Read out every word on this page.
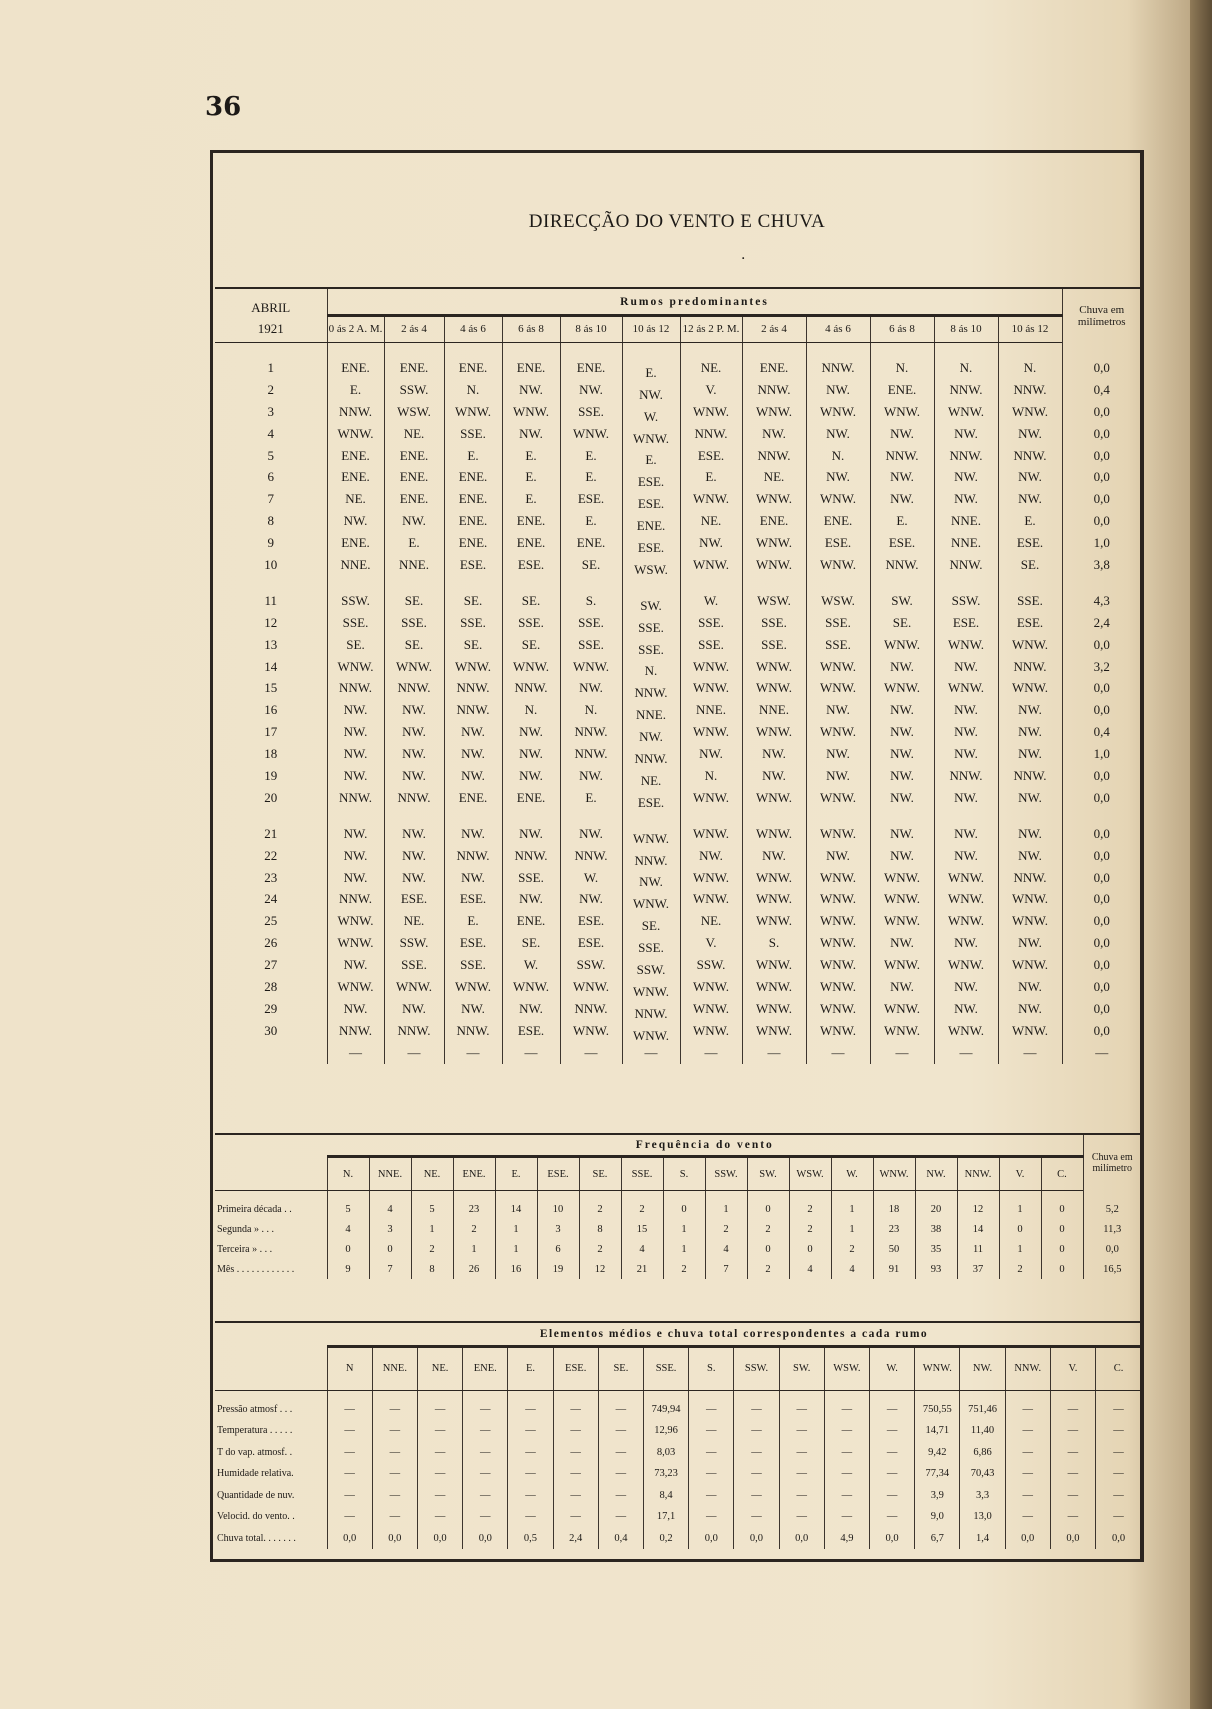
36
DIRECÇÃO DO VENTO E CHUVA
·
ABRIL	Rumos predominantes												Chuva em milímetros
1921	0 ás 2 A. M.	2 ás 4	4 ás 6	6 ás 8	8 ás 10	10 ás 12	12 ás 2 P. M.	2 ás 4	4 ás 6	6 ás 8	8 ás 10	10 ás 12	

1	ENE.	ENE.	ENE.	ENE.	ENE.	E.	NE.	ENE.	NNW.	N.	N.	N.	0,0
2	E.	SSW.	N.	NW.	NW.	NW.	V.	NNW.	NW.	ENE.	NNW.	NNW.	0,4
3	NNW.	WSW.	WNW.	WNW.	SSE.	W.	WNW.	WNW.	WNW.	WNW.	WNW.	WNW.	0,0
4	WNW.	NE.	SSE.	NW.	WNW.	WNW.	NNW.	NW.	NW.	NW.	NW.	NW.	0,0
5	ENE.	ENE.	E.	E.	E.	E.	ESE.	NNW.	N.	NNW.	NNW.	NNW.	0,0
6	ENE.	ENE.	ENE.	E.	E.	ESE.	E.	NE.	NW.	NW.	NW.	NW.	0,0
7	NE.	ENE.	ENE.	E.	ESE.	ESE.	WNW.	WNW.	WNW.	NW.	NW.	NW.	0,0
8	NW.	NW.	ENE.	ENE.	E.	ENE.	NE.	ENE.	ENE.	E.	NNE.	E.	0,0
9	ENE.	E.	ENE.	ENE.	ENE.	ESE.	NW.	WNW.	ESE.	ESE.	NNE.	ESE.	1,0
10	NNE.	NNE.	ESE.	ESE.	SE.	WSW.	WNW.	WNW.	WNW.	NNW.	NNW.	SE.	3,8

11	SSW.	SE.	SE.	SE.	S.	SW.	W.	WSW.	WSW.	SW.	SSW.	SSE.	4,3
12	SSE.	SSE.	SSE.	SSE.	SSE.	SSE.	SSE.	SSE.	SSE.	SE.	ESE.	ESE.	2,4
13	SE.	SE.	SE.	SE.	SSE.	SSE.	SSE.	SSE.	SSE.	WNW.	WNW.	WNW.	0,0
14	WNW.	WNW.	WNW.	WNW.	WNW.	N.	WNW.	WNW.	WNW.	NW.	NW.	NNW.	3,2
15	NNW.	NNW.	NNW.	NNW.	NW.	NNW.	WNW.	WNW.	WNW.	WNW.	WNW.	WNW.	0,0
16	NW.	NW.	NNW.	N.	N.	NNE.	NNE.	NNE.	NW.	NW.	NW.	NW.	0,0
17	NW.	NW.	NW.	NW.	NNW.	NW.	WNW.	WNW.	WNW.	NW.	NW.	NW.	0,4
18	NW.	NW.	NW.	NW.	NNW.	NNW.	NW.	NW.	NW.	NW.	NW.	NW.	1,0
19	NW.	NW.	NW.	NW.	NW.	NE.	N.	NW.	NW.	NW.	NNW.	NNW.	0,0
20	NNW.	NNW.	ENE.	ENE.	E.	ESE.	WNW.	WNW.	WNW.	NW.	NW.	NW.	0,0

21	NW.	NW.	NW.	NW.	NW.	WNW.	WNW.	WNW.	WNW.	NW.	NW.	NW.	0,0
22	NW.	NW.	NNW.	NNW.	NNW.	NNW.	NW.	NW.	NW.	NW.	NW.	NW.	0,0
23	NW.	NW.	NW.	SSE.	W.	NW.	WNW.	WNW.	WNW.	WNW.	WNW.	NNW.	0,0
24	NNW.	ESE.	ESE.	NW.	NW.	WNW.	WNW.	WNW.	WNW.	WNW.	WNW.	WNW.	0,0
25	WNW.	NE.	E.	ENE.	ESE.	SE.	NE.	WNW.	WNW.	WNW.	WNW.	WNW.	0,0
26	WNW.	SSW.	ESE.	SE.	ESE.	SSE.	V.	S.	WNW.	NW.	NW.	NW.	0,0
27	NW.	SSE.	SSE.	W.	SSW.	SSW.	SSW.	WNW.	WNW.	WNW.	WNW.	WNW.	0,0
28	WNW.	WNW.	WNW.	WNW.	WNW.	WNW.	WNW.	WNW.	WNW.	NW.	NW.	NW.	0,0
29	NW.	NW.	NW.	NW.	NNW.	NNW.	WNW.	WNW.	WNW.	WNW.	NW.	NW.	0,0
30	NNW.	NNW.	NNW.	ESE.	WNW.	WNW.	WNW.	WNW.	WNW.	WNW.	WNW.	WNW.	0,0
	—	—	—	—	—	—	—	—	—	—	—	—	—
	Frequência do vento																		Chuva em milímetro
	N.	NNE.	NE.	ENE.	E.	ESE.	SE.	SSE.	S.	SSW.	SW.	WSW.	W.	WNW.	NW.	NNW.	V.	C.	

Primeira década . .	5	4	5	23	14	10	2	2	0	1	0	2	1	18	20	12	1	0	5,2
Segunda » . . .	4	3	1	2	1	3	8	15	1	2	2	2	1	23	38	14	0	0	11,3
Terceira » . . .	0	0	2	1	1	6	2	4	1	4	0	0	2	50	35	11	1	0	0,0
Mês . . . . . . . . . . . .	9	7	8	26	16	19	12	21	2	7	2	4	4	91	93	37	2	0	16,5
	Elementos médios e chuva total correspondentes a cada rumo																	
	N	NNE.	NE.	ENE.	E.	ESE.	SE.	SSE.	S.	SSW.	SW.	WSW.	W.	WNW.	NW.	NNW.	V.	C.

Pressão atmosf . . .	—	—	—	—	—	—	—	749,94	—	—	—	—	—	750,55	751,46	—	—	—
Temperatura . . . . .	—	—	—	—	—	—	—	12,96	—	—	—	—	—	14,71	11,40	—	—	—
T do vap. atmosf. .	—	—	—	—	—	—	—	8,03	—	—	—	—	—	9,42	6,86	—	—	—
Humidade relativa.	—	—	—	—	—	—	—	73,23	—	—	—	—	—	77,34	70,43	—	—	—
Quantidade de nuv.	—	—	—	—	—	—	—	8,4	—	—	—	—	—	3,9	3,3	—	—	—
Velocid. do vento. .	—	—	—	—	—	—	—	17,1	—	—	—	—	—	9,0	13,0	—	—	—
Chuva total. . . . . . .	0,0	0,0	0,0	0,0	0,5	2,4	0,4	0,2	0,0	0,0	0,0	4,9	0,0	6,7	1,4	0,0	0,0	0,0
